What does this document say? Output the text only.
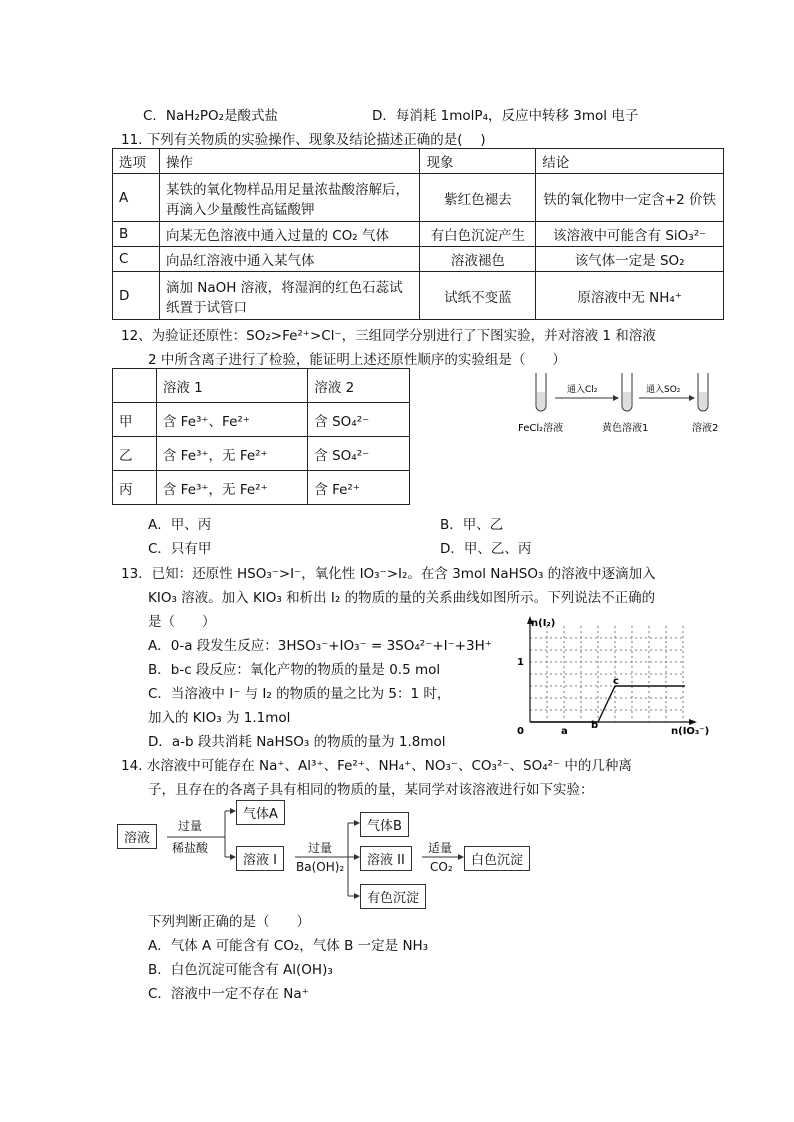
C．NaH₂PO₂是酸式盐	D．每消耗 1molP₄，反应中转移 3mol 电子
11. 下列有关物质的实验操作、现象及结论描述正确的是(　 )
选项	操作	现象	结论
A	某铁的氧化物样品用足量浓盐酸溶解后，再滴入少量酸性高锰酸钾	紫红色褪去	铁的氧化物中一定含+2 价铁
B	向某无色溶液中通入过量的 CO₂ 气体	有白色沉淀产生	该溶液中可能含有 SiO₃²⁻
C	向品红溶液中通入某气体	溶液褪色	该气体一定是 SO₂
D	滴加 NaOH 溶液，将湿润的红色石蕊试纸置于试管口	试纸不变蓝	原溶液中无 NH₄⁺
12、为验证还原性：SO₂>Fe²⁺>Cl⁻，三组同学分别进行了下图实验，并对溶液 1 和溶液
2 中所含离子进行了检验，能证明上述还原性顺序的实验组是（　　）
	溶液 1	溶液 2
甲	含 Fe³⁺、Fe²⁺	含 SO₄²⁻
乙	含 Fe³⁺，无 Fe²⁺	含 SO₄²⁻
丙	含 Fe³⁺，无 Fe²⁺	含 Fe²⁺
通入Cl₂	通入SO₂
FeCl₂溶液	黄色溶液1	溶液2
A．甲、丙	B．甲、乙
C．只有甲	D．甲、乙、丙
13．已知：还原性 HSO₃⁻>I⁻，氧化性 IO₃⁻>I₂。在含 3mol NaHSO₃ 的溶液中逐滴加入
KIO₃ 溶液。加入 KIO₃ 和析出 I₂ 的物质的量的关系曲线如图所示。下列说法不正确的
是（　　）
A．0-a 段发生反应：3HSO₃⁻+IO₃⁻ = 3SO₄²⁻+I⁻+3H⁺
B．b-c 段反应：氧化产物的物质的量是 0.5 mol
C．当溶液中 I⁻ 与 I₂ 的物质的量之比为 5：1 时，
加入的 KIO₃ 为 1.1mol
D．a-b 段共消耗 NaHSO₃ 的物质的量为 1.8mol
n(I₂)
n(IO₃⁻)
0
1
a
b
c
14. 水溶液中可能存在 Na⁺、Al³⁺、Fe²⁺、NH₄⁺、NO₃⁻、CO₃²⁻、SO₄²⁻ 中的几种离
子，且存在的各离子具有相同的物质的量，某同学对该溶液进行如下实验：
溶液
过量
稀盐酸
气体A
溶液 I
过量
Ba(OH)₂
气体B
溶液 II
适量
CO₂	白色沉淀
有色沉淀
下列判断正确的是（　　）
A．气体 A 可能含有 CO₂，气体 B 一定是 NH₃
B．白色沉淀可能含有 Al(OH)₃
C．溶液中一定不存在 Na⁺
